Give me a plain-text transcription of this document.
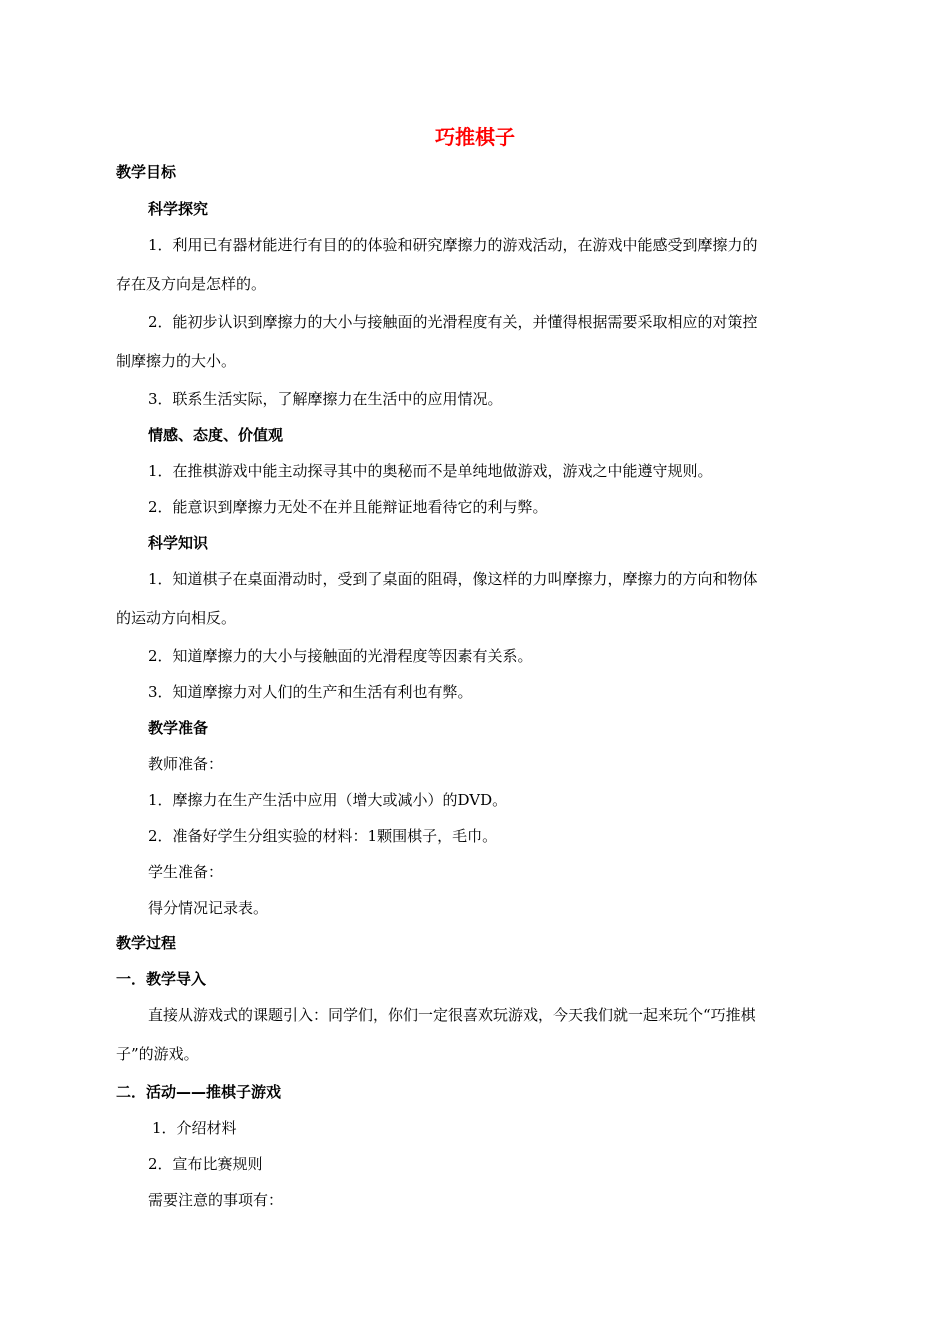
巧推棋子
教学目标
科学探究
1．利用已有器材能进行有目的的体验和研究摩擦力的游戏活动，在游戏中能感受到摩擦力的
存在及方向是怎样的。
2．能初步认识到摩擦力的大小与接触面的光滑程度有关，并懂得根据需要采取相应的对策控
制摩擦力的大小。
3．联系生活实际，了解摩擦力在生活中的应用情况。
情感、态度、价值观
1．在推棋游戏中能主动探寻其中的奥秘而不是单纯地做游戏，游戏之中能遵守规则。
2．能意识到摩擦力无处不在并且能辩证地看待它的利与弊。
科学知识
1．知道棋子在桌面滑动时，受到了桌面的阻碍，像这样的力叫摩擦力，摩擦力的方向和物体
的运动方向相反。
2．知道摩擦力的大小与接触面的光滑程度等因素有关系。
3．知道摩擦力对人们的生产和生活有利也有弊。
教学准备
教师准备：
1．摩擦力在生产生活中应用（增大或减小）的DVD。
2．准备好学生分组实验的材料：1颗围棋子，毛巾。
学生准备：
得分情况记录表。
教学过程
一．教学导入
直接从游戏式的课题引入：同学们，你们一定很喜欢玩游戏，今天我们就一起来玩个“巧推棋
子”的游戏。
二．活动——推棋子游戏
1．介绍材料
2．宣布比赛规则
需要注意的事项有：
